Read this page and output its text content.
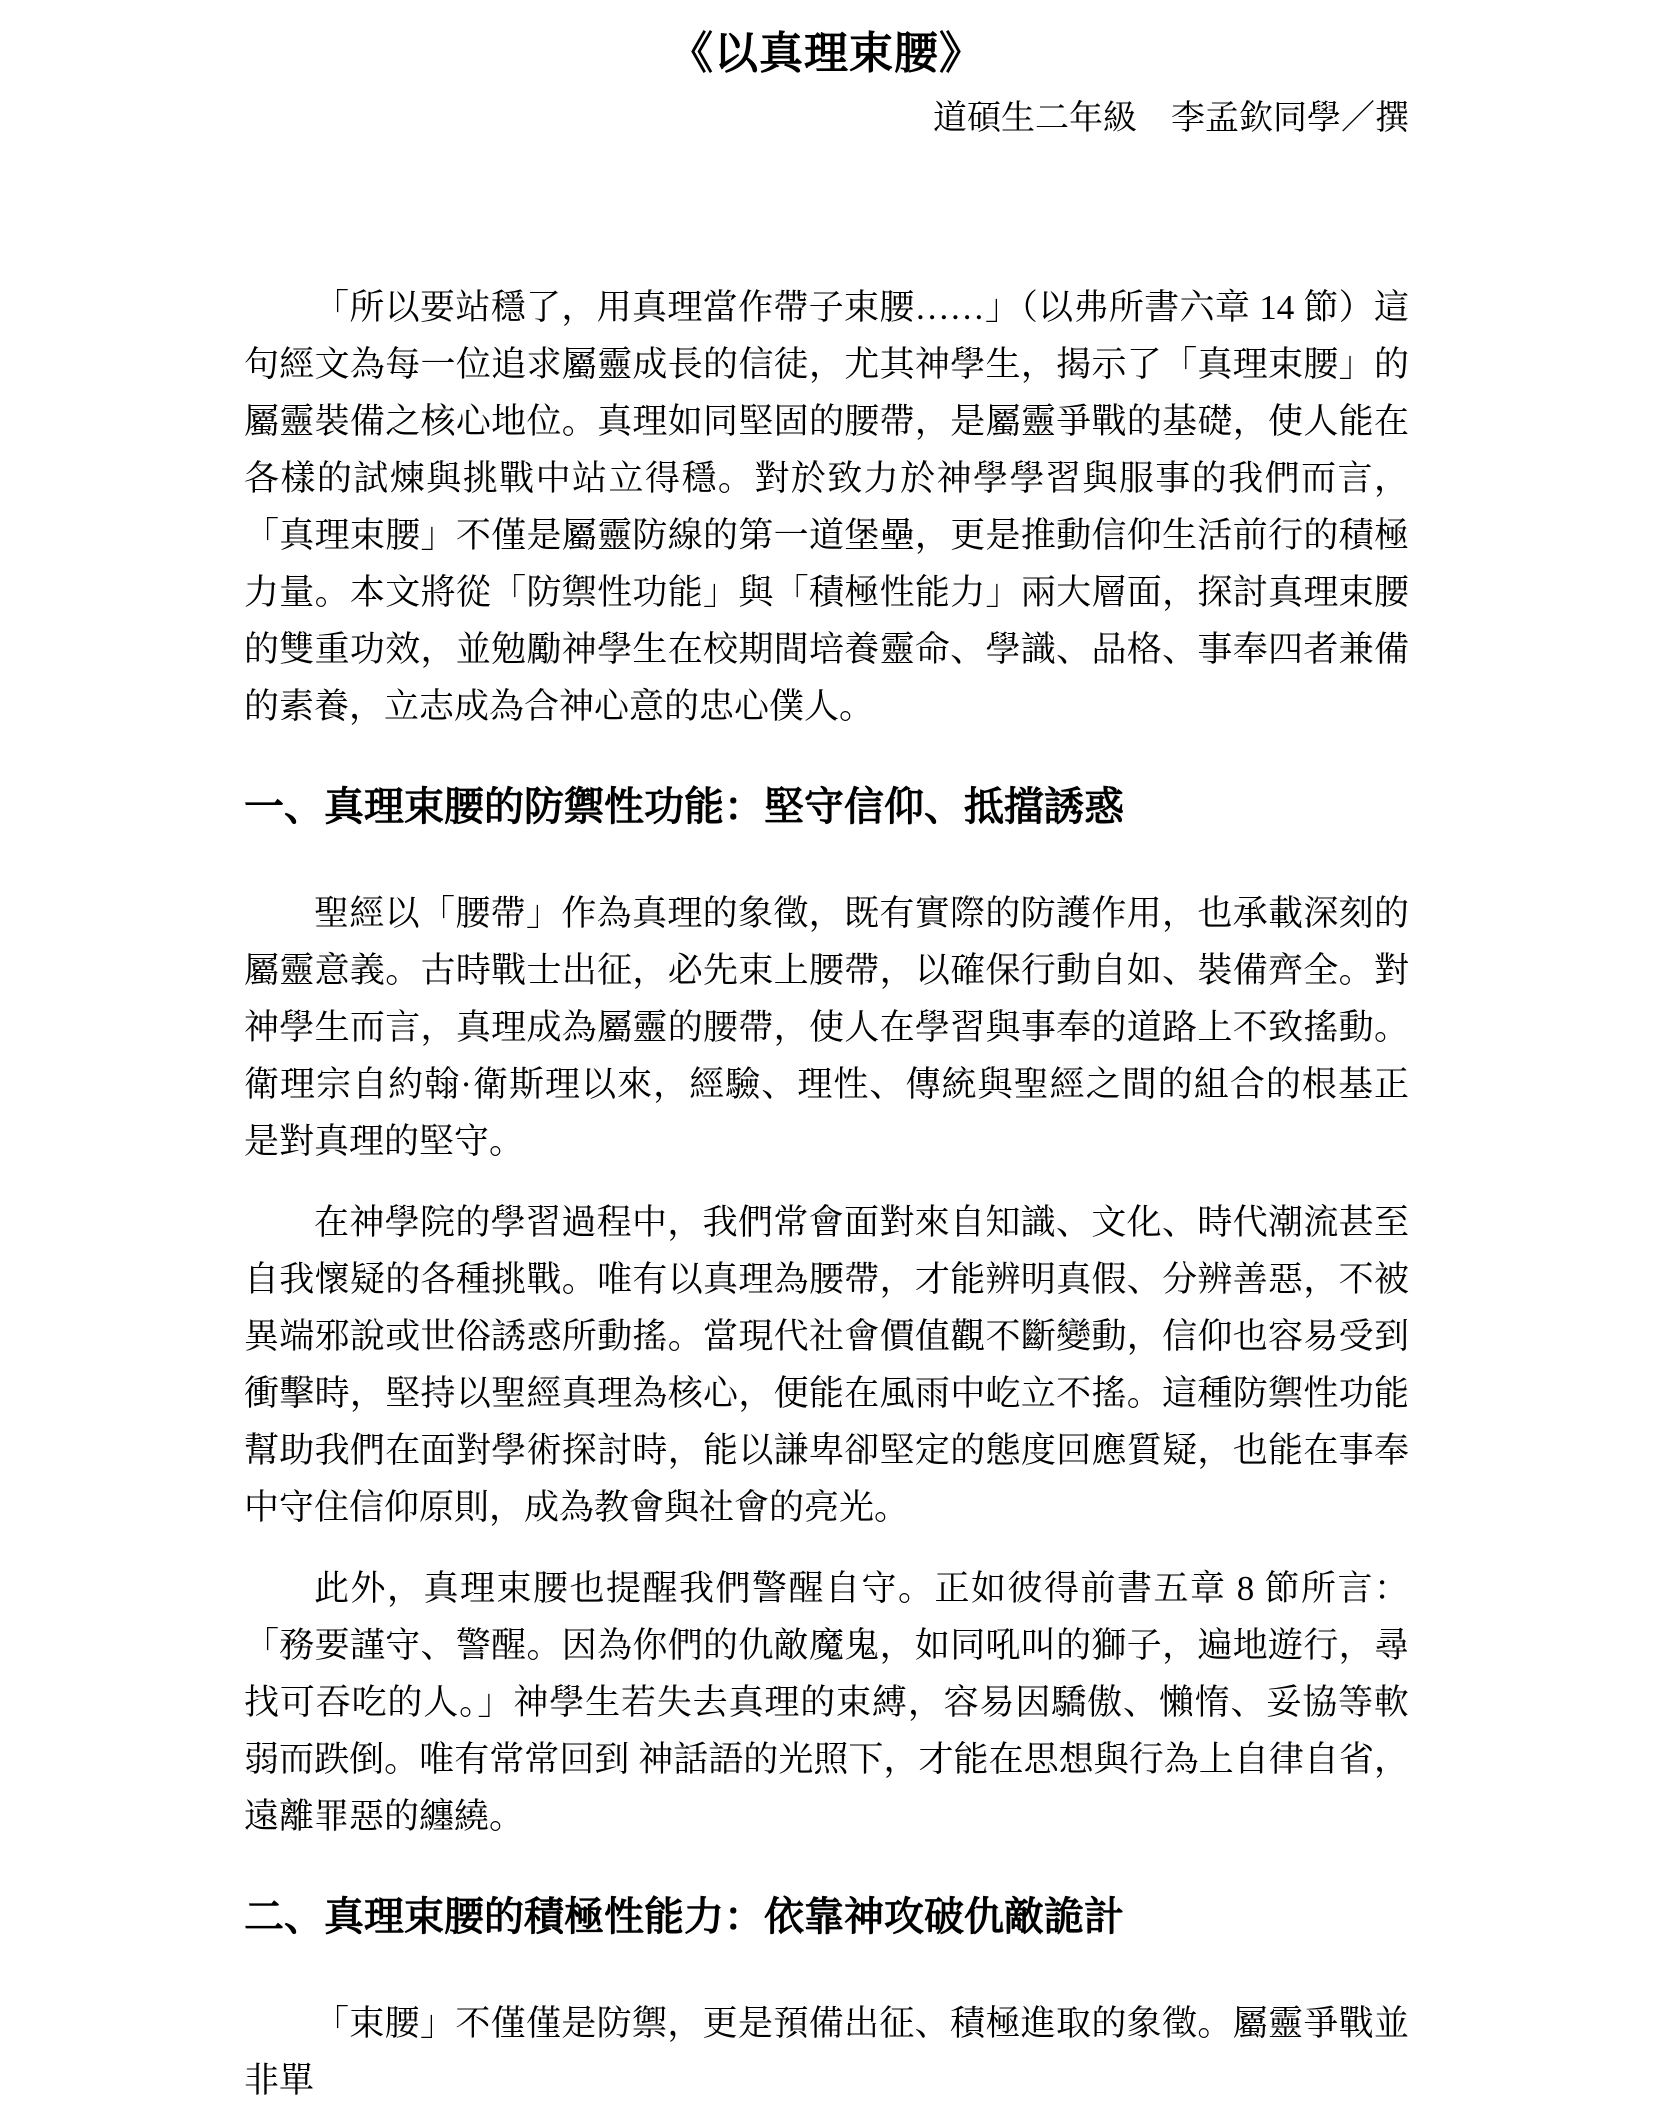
《以真理束腰》
道碩生二年級　李孟欽同學／撰

「所以要站穩了，用真理當作帶子束腰……」（以弗所書六章 14 節）這句經文為每一位追求屬靈成長的信徒，尤其神學生，揭示了「真理束腰」的屬靈裝備之核心地位。真理如同堅固的腰帶，是屬靈爭戰的基礎，使人能在各樣的試煉與挑戰中站立得穩。對於致力於神學學習與服事的我們而言，「真理束腰」不僅是屬靈防線的第一道堡壘，更是推動信仰生活前行的積極力量。本文將從「防禦性功能」與「積極性能力」兩大層面，探討真理束腰的雙重功效，並勉勵神學生在校期間培養靈命、學識、品格、事奉四者兼備的素養，立志成為合神心意的忠心僕人。

一、真理束腰的防禦性功能：堅守信仰、抵擋誘惑

聖經以「腰帶」作為真理的象徵，既有實際的防護作用，也承載深刻的屬靈意義。古時戰士出征，必先束上腰帶，以確保行動自如、裝備齊全。對神學生而言，真理成為屬靈的腰帶，使人在學習與事奉的道路上不致搖動。衛理宗自約翰·衛斯理以來，經驗、理性、傳統與聖經之間的組合的根基正是對真理的堅守。

在神學院的學習過程中，我們常會面對來自知識、文化、時代潮流甚至自我懷疑的各種挑戰。唯有以真理為腰帶，才能辨明真假、分辨善惡，不被異端邪說或世俗誘惑所動搖。當現代社會價值觀不斷變動，信仰也容易受到衝擊時，堅持以聖經真理為核心，便能在風雨中屹立不搖。這種防禦性功能幫助我們在面對學術探討時，能以謙卑卻堅定的態度回應質疑，也能在事奉中守住信仰原則，成為教會與社會的亮光。

此外，真理束腰也提醒我們警醒自守。正如彼得前書五章 8 節所言：「務要謹守、警醒。因為你們的仇敵魔鬼，如同吼叫的獅子，遍地遊行，尋找可吞吃的人。」神學生若失去真理的束縛，容易因驕傲、懶惰、妥協等軟弱而跌倒。唯有常常回到 神話語的光照下，才能在思想與行為上自律自省，遠離罪惡的纏繞。

二、真理束腰的積極性能力：依靠神攻破仇敵詭計

「束腰」不僅僅是防禦，更是預備出征、積極進取的象徵。屬靈爭戰並非單
